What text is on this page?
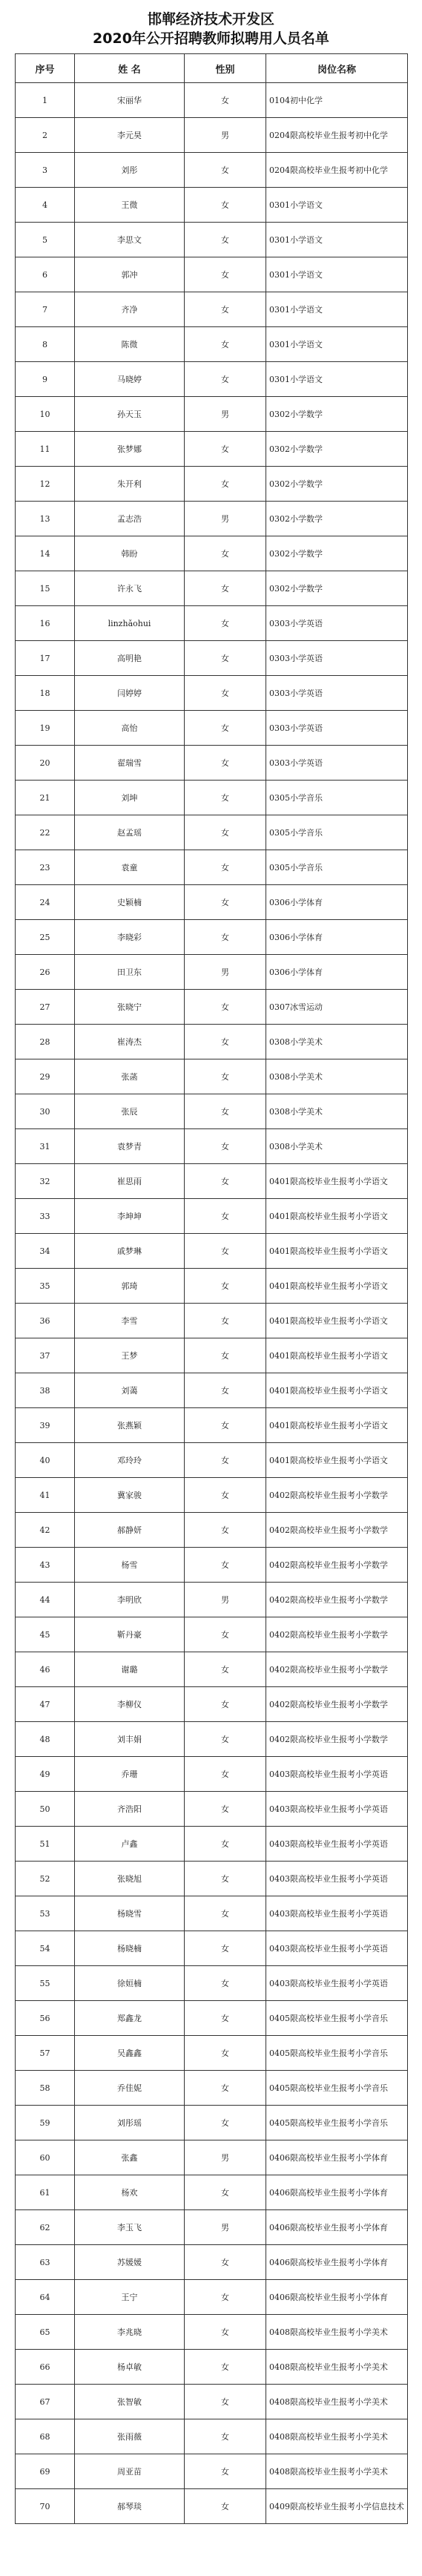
邯郸经济技术开发区
2020年公开招聘教师拟聘用人员名单
序号	姓 名	性别	岗位名称
1	宋丽华	女	0104初中化学
2	李元昊	男	0204限高校毕业生报考初中化学
3	刘彤	女	0204限高校毕业生报考初中化学
4	王微	女	0301小学语文
5	李思文	女	0301小学语文
6	郭冲	女	0301小学语文
7	齐净	女	0301小学语文
8	陈微	女	0301小学语文
9	马晓婷	女	0301小学语文
10	孙天玉	男	0302小学数学
11	张梦娜	女	0302小学数学
12	朱开利	女	0302小学数学
13	孟志浩	男	0302小学数学
14	韩盼	女	0302小学数学
15	许永飞	女	0302小学数学
16	linzhǎohui	女	0303小学英语
17	高明艳	女	0303小学英语
18	闫婷婷	女	0303小学英语
19	高怡	女	0303小学英语
20	翟瑞雪	女	0303小学英语
21	刘坤	女	0305小学音乐
22	赵孟瑶	女	0305小学音乐
23	袁童	女	0305小学音乐
24	史颖楠	女	0306小学体育
25	李晓彩	女	0306小学体育
26	田卫东	男	0306小学体育
27	张晓宁	女	0307冰雪运动
28	崔涛杰	女	0308小学美术
29	张菡	女	0308小学美术
30	张辰	女	0308小学美术
31	袁梦青	女	0308小学美术
32	崔思雨	女	0401限高校毕业生报考小学语文
33	李坤坤	女	0401限高校毕业生报考小学语文
34	戚梦琳	女	0401限高校毕业生报考小学语文
35	郭琦	女	0401限高校毕业生报考小学语文
36	李雪	女	0401限高校毕业生报考小学语文
37	王梦	女	0401限高校毕业生报考小学语文
38	刘蔼	女	0401限高校毕业生报考小学语文
39	张燕颖	女	0401限高校毕业生报考小学语文
40	邓玲玲	女	0401限高校毕业生报考小学语文
41	冀家骏	女	0402限高校毕业生报考小学数学
42	郝静妍	女	0402限高校毕业生报考小学数学
43	杨雪	女	0402限高校毕业生报考小学数学
44	李明欣	男	0402限高校毕业生报考小学数学
45	靳丹豪	女	0402限高校毕业生报考小学数学
46	谢璐	女	0402限高校毕业生报考小学数学
47	李柳仪	女	0402限高校毕业生报考小学数学
48	刘丰娟	女	0402限高校毕业生报考小学数学
49	乔珊	女	0403限高校毕业生报考小学英语
50	齐浩阳	女	0403限高校毕业生报考小学英语
51	卢鑫	女	0403限高校毕业生报考小学英语
52	张晓旭	女	0403限高校毕业生报考小学英语
53	杨晓雪	女	0403限高校毕业生报考小学英语
54	杨晓楠	女	0403限高校毕业生报考小学英语
55	徐姮楠	女	0403限高校毕业生报考小学英语
56	郑鑫龙	女	0405限高校毕业生报考小学音乐
57	吴鑫鑫	女	0405限高校毕业生报考小学音乐
58	乔佳妮	女	0405限高校毕业生报考小学音乐
59	刘彤瑶	女	0405限高校毕业生报考小学音乐
60	张鑫	男	0406限高校毕业生报考小学体育
61	杨欢	女	0406限高校毕业生报考小学体育
62	李玉飞	男	0406限高校毕业生报考小学体育
63	苏媛媛	女	0406限高校毕业生报考小学体育
64	王宁	女	0406限高校毕业生报考小学体育
65	李兆晓	女	0408限高校毕业生报考小学美术
66	杨卓敏	女	0408限高校毕业生报考小学美术
67	张智敏	女	0408限高校毕业生报考小学美术
68	张雨薇	女	0408限高校毕业生报考小学美术
69	周亚苗	女	0408限高校毕业生报考小学美术
70	郝琴琰	女	0409限高校毕业生报考小学信息技术
